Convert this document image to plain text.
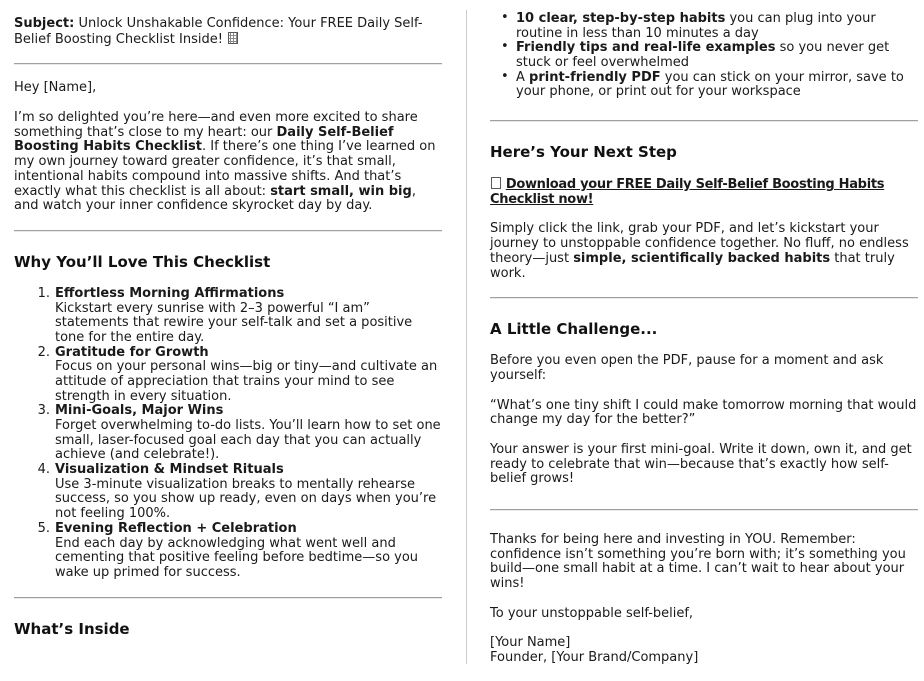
Subject: Unlock Unshakable Confidence: Your FREE Daily Self-Belief Boosting Checklist Inside!

Hey [Name],

I’m so delighted you’re here—and even more excited to share something that’s close to my heart: our Daily Self-Belief Boosting Habits Checklist. If there’s one thing I’ve learned on my own journey toward greater confidence, it’s that small, intentional habits compound into massive shifts. And that’s exactly what this checklist is all about: start small, win big, and watch your inner confidence skyrocket day by day.

Why You’ll Love This Checklist
1. Effortless Morning Affirmations
Kickstart every sunrise with 2–3 powerful “I am” statements that rewire your self-talk and set a positive tone for the entire day.
2. Gratitude for Growth
Focus on your personal wins—big or tiny—and cultivate an attitude of appreciation that trains your mind to see strength in every situation.
3. Mini-Goals, Major Wins
Forget overwhelming to-do lists. You’ll learn how to set one small, laser-focused goal each day that you can actually achieve (and celebrate!).
4. Visualization & Mindset Rituals
Use 3-minute visualization breaks to mentally rehearse success, so you show up ready, even on days when you’re not feeling 100%.
5. Evening Reflection + Celebration
End each day by acknowledging what went well and cementing that positive feeling before bedtime—so you wake up primed for success.
What’s Inside
• 10 clear, step-by-step habits you can plug into your routine in less than 10 minutes a day
• Friendly tips and real-life examples so you never get stuck or feel overwhelmed
• A print-friendly PDF you can stick on your mirror, save to your phone, or print out for your workspace
Here’s Your Next Step

Download your FREE Daily Self-Belief Boosting Habits Checklist now!

Simply click the link, grab your PDF, and let’s kickstart your journey to unstoppable confidence together. No fluff, no endless theory—just simple, scientifically backed habits that truly work.

A Little Challenge...

Before you even open the PDF, pause for a moment and ask yourself:

“What’s one tiny shift I could make tomorrow morning that would change my day for the better?”

Your answer is your first mini-goal. Write it down, own it, and get ready to celebrate that win—because that’s exactly how self-belief grows!

Thanks for being here and investing in YOU. Remember: confidence isn’t something you’re born with; it’s something you build—one small habit at a time. I can’t wait to hear about your wins!

To your unstoppable self-belief,

[Your Name]
Founder, [Your Brand/Company]
